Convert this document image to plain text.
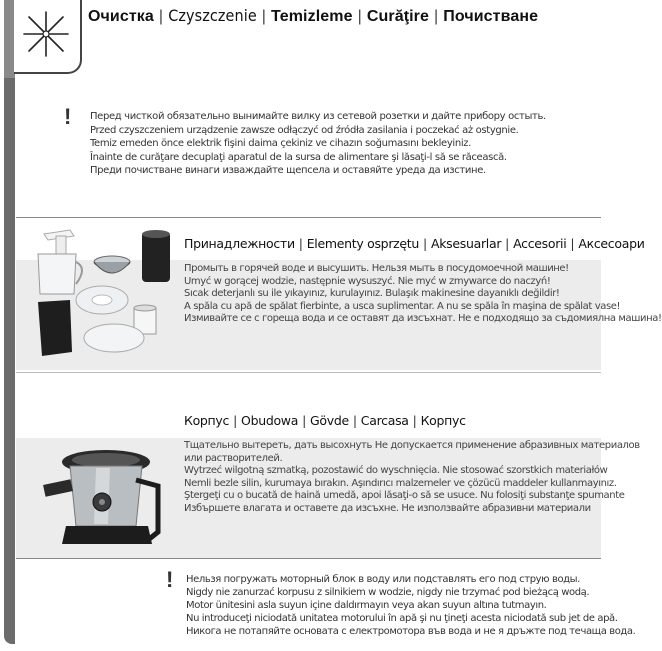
Очистка | Czyszczenie | Temizleme | Curăţire | Почистване
! Перед чисткой обязательно вынимайте вилку из сетевой розетки и дайте прибору остыть.
Przed czyszczeniem urządzenie zawsze odłączyć od źródła zasilania i poczekać aż ostygnie.
Temiz emeden önce elektrik fişini daima çekiniz ve cihazın soğumasını bekleyiniz.
Înainte de curăţare decuplaţi aparatul de la sursa de alimentare şi lăsaţi-l să se răcească.
Преди почистване винаги изваждайте щепсела и оставяйте уреда да изстине.
Принадлежности | Elementy osprzętu | Aksesuarlar | Accesorii | Аксесоари
Промыть в горячей воде и высушить. Нельзя мыть в посудомоечной машине!
Umyć w gorącej wodzie, następnie wysuszyć. Nie myć w zmywarce do naczyń!
Sıcak deterjanlı su ile yıkayınız, kurulayınız. Bulaşık makinesine dayanıklı değildir!
A spăla cu apă de spălat fierbinte, a usca suplimentar. A nu se spăla în maşina de spălat vase!
Измивайте се с гореща вода и се оставят да изсъхнат. Не е подходящо за съдомиялна машина!
Корпус | Obudowa | Gövde | Carcasa | Корпус
Тщательно вытереть, дать высохнуть Не допускается применение абразивных материалов
или растворителей.
Wytrzeć wilgotną szmatką, pozostawić do wyschnięcia. Nie stosować szorstkich materiałów
Nemli bezle silin, kurumaya bırakın. Aşındırıcı malzemeler ve çözücü maddeler kullanmayınız.
Ştergeţi cu o bucată de haină umedă, apoi lăsaţi-o să se usuce. Nu folosiţi substanţe spumante
Избършете влагата и оставете да изсъхне. Не използвайте абразивни материали
! Нельзя погружать моторный блок в воду или подставлять его под струю воды.
Nigdy nie zanurzać korpusu z silnikiem w wodzie, nigdy nie trzymać pod bieżącą wodą.
Motor ünitesini asla suyun içine daldırmayın veya akan suyun altına tutmayın.
Nu introduceţi niciodată unitatea motorului în apă şi nu ţineţi acesta niciodată sub jet de apă.
Никога не потапяйте основата с електромотора във вода и не я дръжте под течаща вода.
